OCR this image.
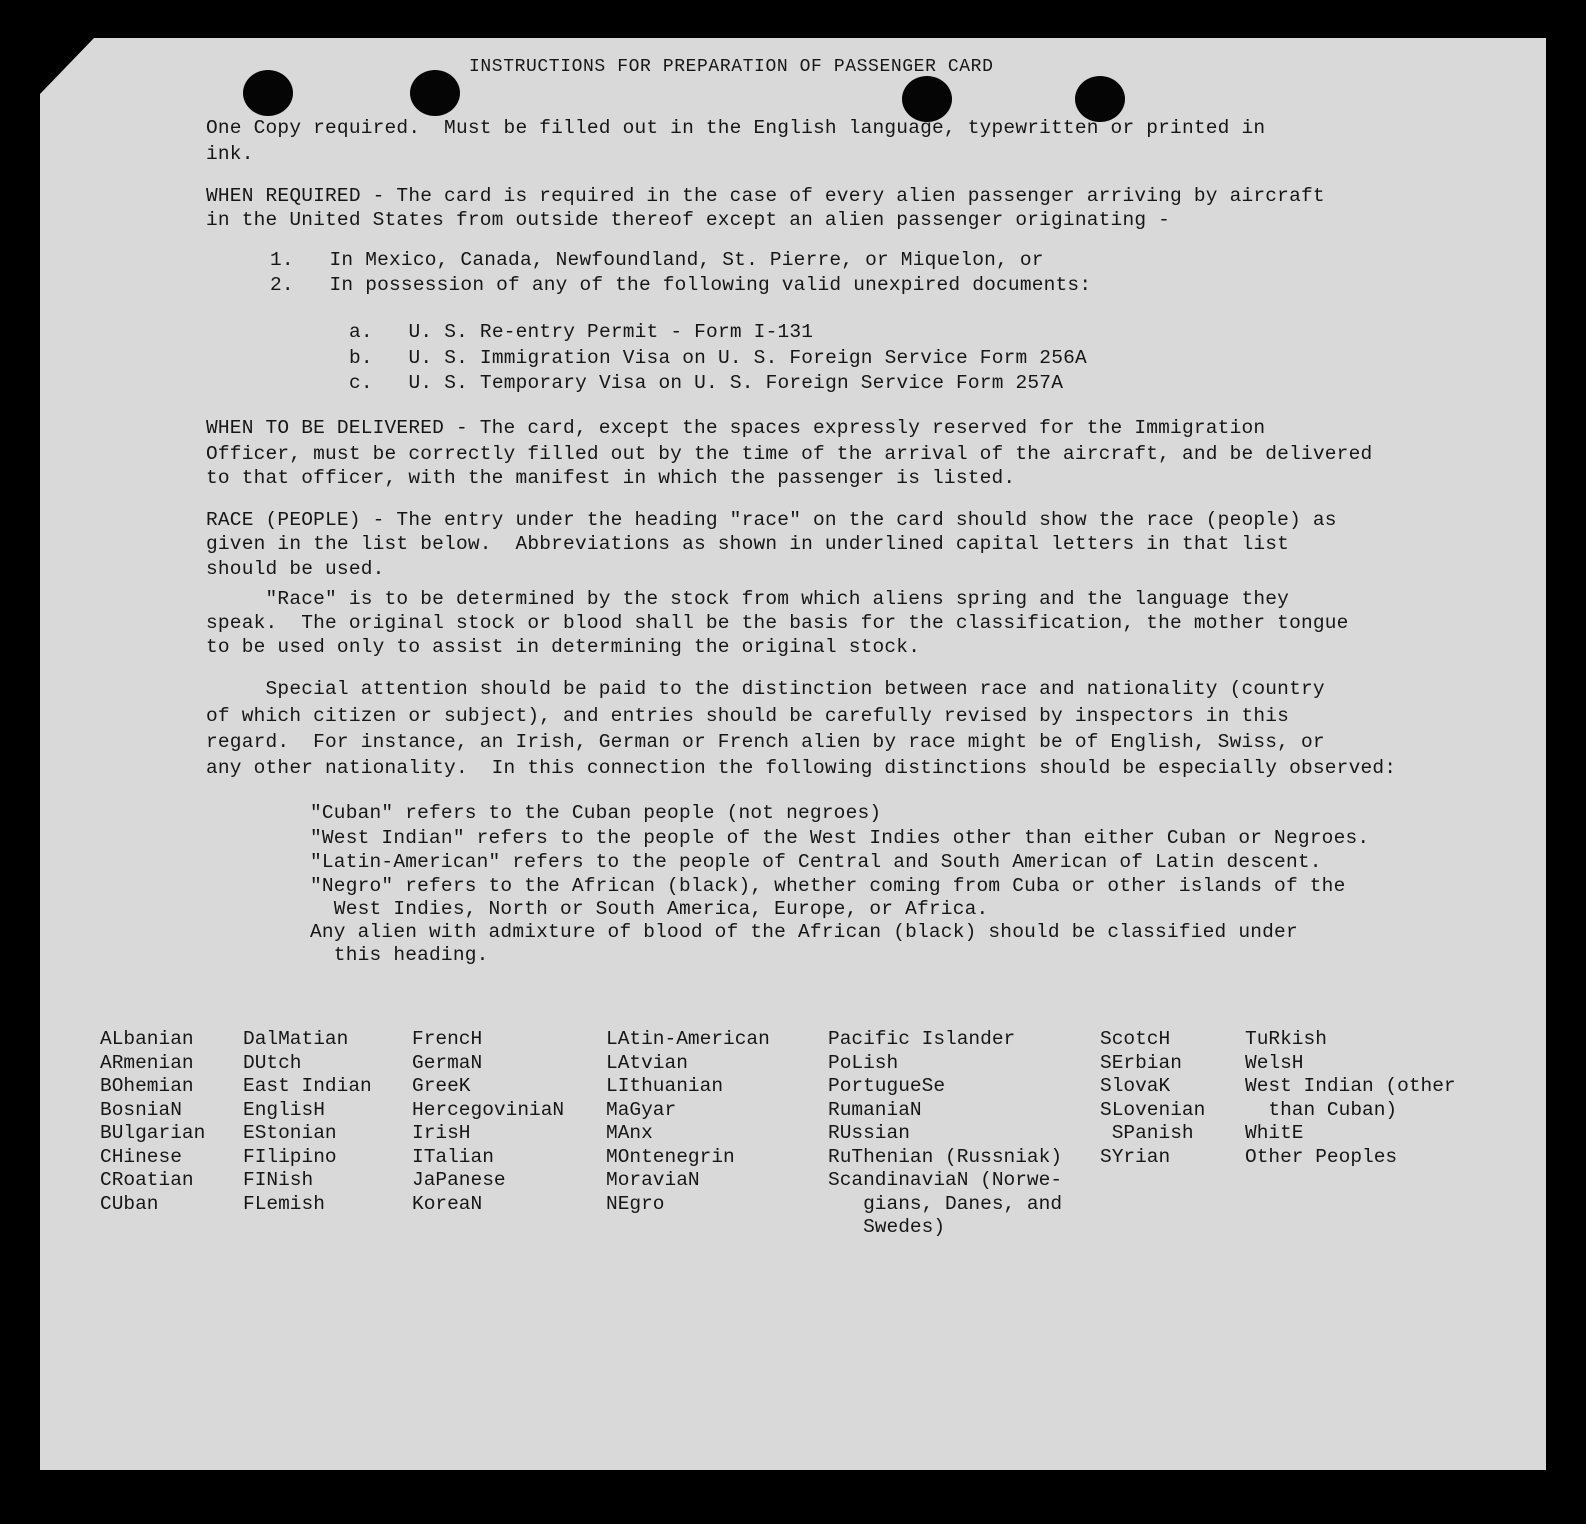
INSTRUCTIONS FOR PREPARATION OF PASSENGER CARD

One Copy required.  Must be filled out in the English language, typewritten or printed in

ink.

WHEN REQUIRED - The card is required in the case of every alien passenger arriving by aircraft

in the United States from outside thereof except an alien passenger originating -

1.   In Mexico, Canada, Newfoundland, St. Pierre, or Miquelon, or

2.   In possession of any of the following valid unexpired documents:

a.   U. S. Re-entry Permit - Form I-131

b.   U. S. Immigration Visa on U. S. Foreign Service Form 256A

c.   U. S. Temporary Visa on U. S. Foreign Service Form 257A

WHEN TO BE DELIVERED - The card, except the spaces expressly reserved for the Immigration

Officer, must be correctly filled out by the time of the arrival of the aircraft, and be delivered

to that officer, with the manifest in which the passenger is listed.

RACE (PEOPLE) - The entry under the heading "race" on the card should show the race (people) as

given in the list below.  Abbreviations as shown in underlined capital letters in that list

should be used.

"Race" is to be determined by the stock from which aliens spring and the language they

speak.  The original stock or blood shall be the basis for the classification, the mother tongue

to be used only to assist in determining the original stock.

Special attention should be paid to the distinction between race and nationality (country

of which citizen or subject), and entries should be carefully revised by inspectors in this

regard.  For instance, an Irish, German or French alien by race might be of English, Swiss, or

any other nationality.  In this connection the following distinctions should be especially observed:

"Cuban" refers to the Cuban people (not negroes)

"West Indian" refers to the people of the West Indies other than either Cuban or Negroes.

"Latin-American" refers to the people of Central and South American of Latin descent.

"Negro" refers to the African (black), whether coming from Cuba or other islands of the

West Indies, North or South America, Europe, or Africa.

Any alien with admixture of blood of the African (black) should be classified under

this heading.

ALbanian
ARmenian
BOhemian
BosniaN
BUlgarian
CHinese
CRoatian
CUban
DalMatian
DUtch
East Indian
EnglisH
EStonian
FIlipino
FINish
FLemish
FrencH
GermaN
GreeK
HercegoviniaN
IrisH
ITalian
JaPanese
KoreaN
LAtin-American
LAtvian
LIthuanian
MaGyar
MAnx
MOntenegrin
MoraviaN
NEgro
Pacific Islander
PoLish
PortugueSe
RumaniaN
RUssian
RuThenian (Russniak)
ScandinaviaN (Norwe-
gians, Danes, and
Swedes)
ScotcH
SErbian
SlovaK
SLovenian
SPanish
SYrian
TuRkish
WelsH
West Indian (other
than Cuban)
WhitE
Other Peoples
